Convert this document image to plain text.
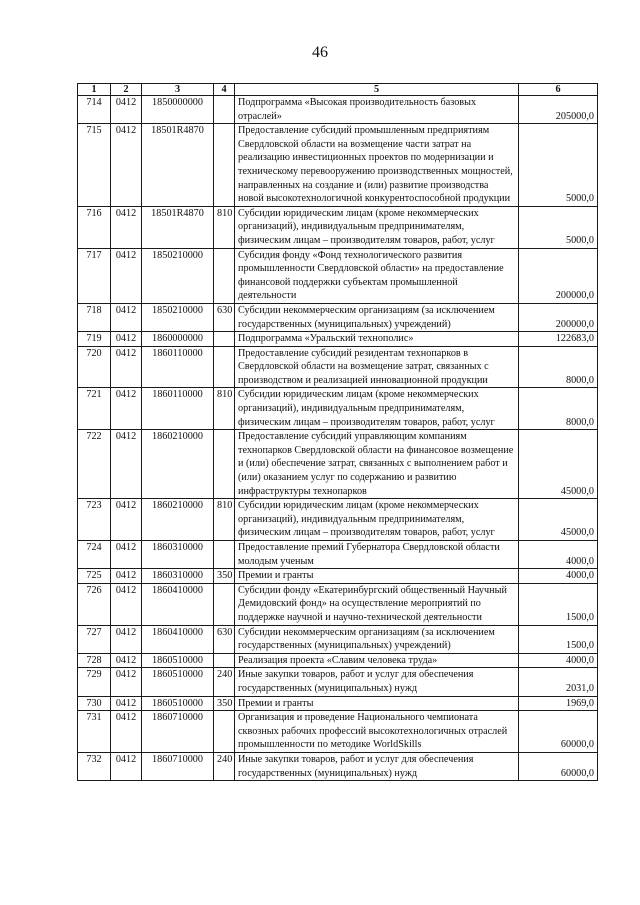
46
1	2	3	4	5	6
714	0412	1850000000		Подпрограмма «Высокая производительность базовых отраслей»	205000,0
715	0412	18501R4870		Предоставление субсидий промышленным предприятиям Свердловской области на возмещение части затрат на реализацию инвестиционных проектов по модернизации и техническому перевооружению производственных мощностей, направленных на создание и (или) развитие производства новой высокотехнологичной конкурентоспособной продукции	5000,0
716	0412	18501R4870	810	Субсидии юридическим лицам (кроме некоммерческих организаций), индивидуальным предпринимателям, физическим лицам – производителям товаров, работ, услуг	5000,0
717	0412	1850210000		Субсидия фонду «Фонд технологического развития промышленности Свердловской области» на предоставление финансовой поддержки субъектам промышленной деятельности	200000,0
718	0412	1850210000	630	Субсидии некоммерческим организациям (за исключением государственных (муниципальных) учреждений)	200000,0
719	0412	1860000000		Подпрограмма «Уральский технополис»	122683,0
720	0412	1860110000		Предоставление субсидий резидентам технопарков в Свердловской области на возмещение затрат, связанных с производством и реализацией инновационной продукции	8000,0
721	0412	1860110000	810	Субсидии юридическим лицам (кроме некоммерческих организаций), индивидуальным предпринимателям, физическим лицам – производителям товаров, работ, услуг	8000,0
722	0412	1860210000		Предоставление субсидий управляющим компаниям технопарков Свердловской области на финансовое возмещение и (или) обеспечение затрат, связанных с выполнением работ и (или) оказанием услуг по содержанию и развитию инфраструктуры технопарков	45000,0
723	0412	1860210000	810	Субсидии юридическим лицам (кроме некоммерческих организаций), индивидуальным предпринимателям, физическим лицам – производителям товаров, работ, услуг	45000,0
724	0412	1860310000		Предоставление премий Губернатора Свердловской области молодым ученым	4000,0
725	0412	1860310000	350	Премии и гранты	4000,0
726	0412	1860410000		Субсидии фонду «Екатеринбургский общественный Научный Демидовский фонд» на осуществление мероприятий по поддержке научной и научно-технической деятельности	1500,0
727	0412	1860410000	630	Субсидии некоммерческим организациям (за исключением государственных (муниципальных) учреждений)	1500,0
728	0412	1860510000		Реализация проекта «Славим человека труда»	4000,0
729	0412	1860510000	240	Иные закупки товаров, работ и услуг для обеспечения государственных (муниципальных) нужд	2031,0
730	0412	1860510000	350	Премии и гранты	1969,0
731	0412	1860710000		Организация и проведение Национального чемпионата сквозных рабочих профессий высокотехнологичных отраслей промышленности по методике WorldSkills	60000,0
732	0412	1860710000	240	Иные закупки товаров, работ и услуг для обеспечения государственных (муниципальных) нужд	60000,0
